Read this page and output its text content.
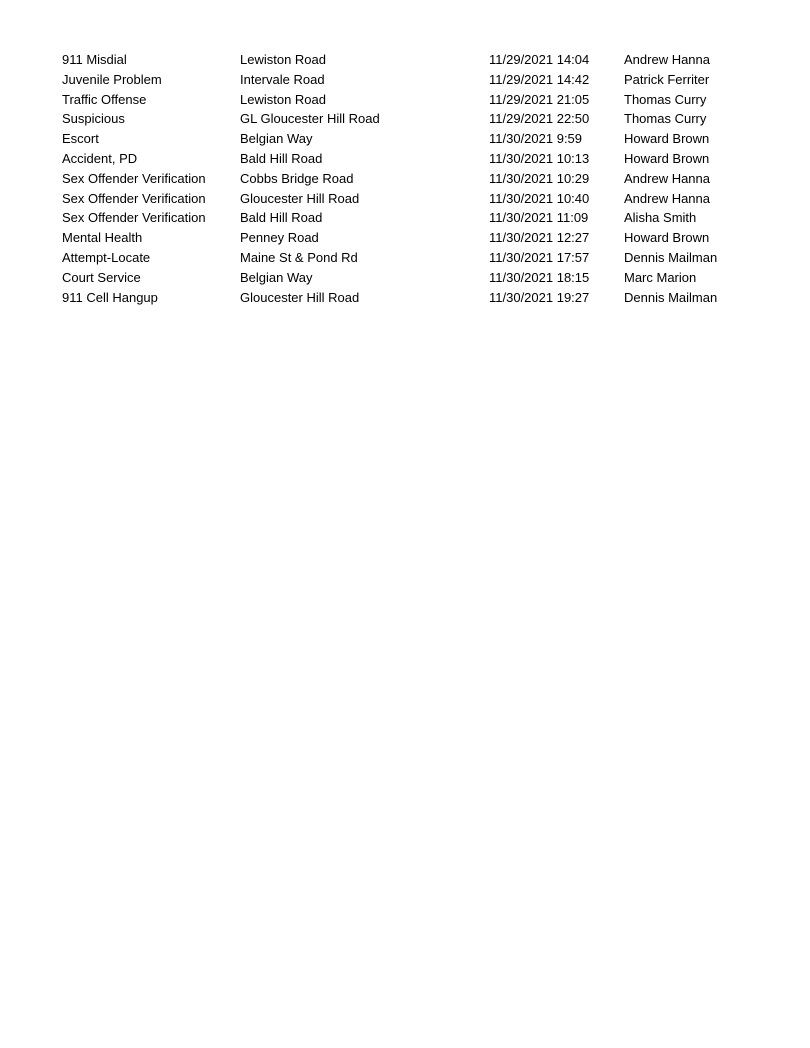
911 Misdial	Lewiston Road	11/29/2021 14:04	Andrew Hanna
Juvenile Problem	Intervale Road	11/29/2021 14:42	Patrick Ferriter
Traffic Offense	Lewiston Road	11/29/2021 21:05	Thomas Curry
Suspicious	GL Gloucester Hill Road	11/29/2021 22:50	Thomas Curry
Escort	Belgian Way	11/30/2021 9:59	Howard Brown
Accident, PD	Bald Hill Road	11/30/2021 10:13	Howard Brown
Sex Offender Verification	Cobbs Bridge Road	11/30/2021 10:29	Andrew Hanna
Sex Offender Verification	Gloucester Hill Road	11/30/2021 10:40	Andrew Hanna
Sex Offender Verification	Bald Hill Road	11/30/2021 11:09	Alisha Smith
Mental Health	Penney Road	11/30/2021 12:27	Howard Brown
Attempt-Locate	Maine St & Pond Rd	11/30/2021 17:57	Dennis Mailman
Court Service	Belgian Way	11/30/2021 18:15	Marc Marion
911 Cell Hangup	Gloucester Hill Road	11/30/2021 19:27	Dennis Mailman
